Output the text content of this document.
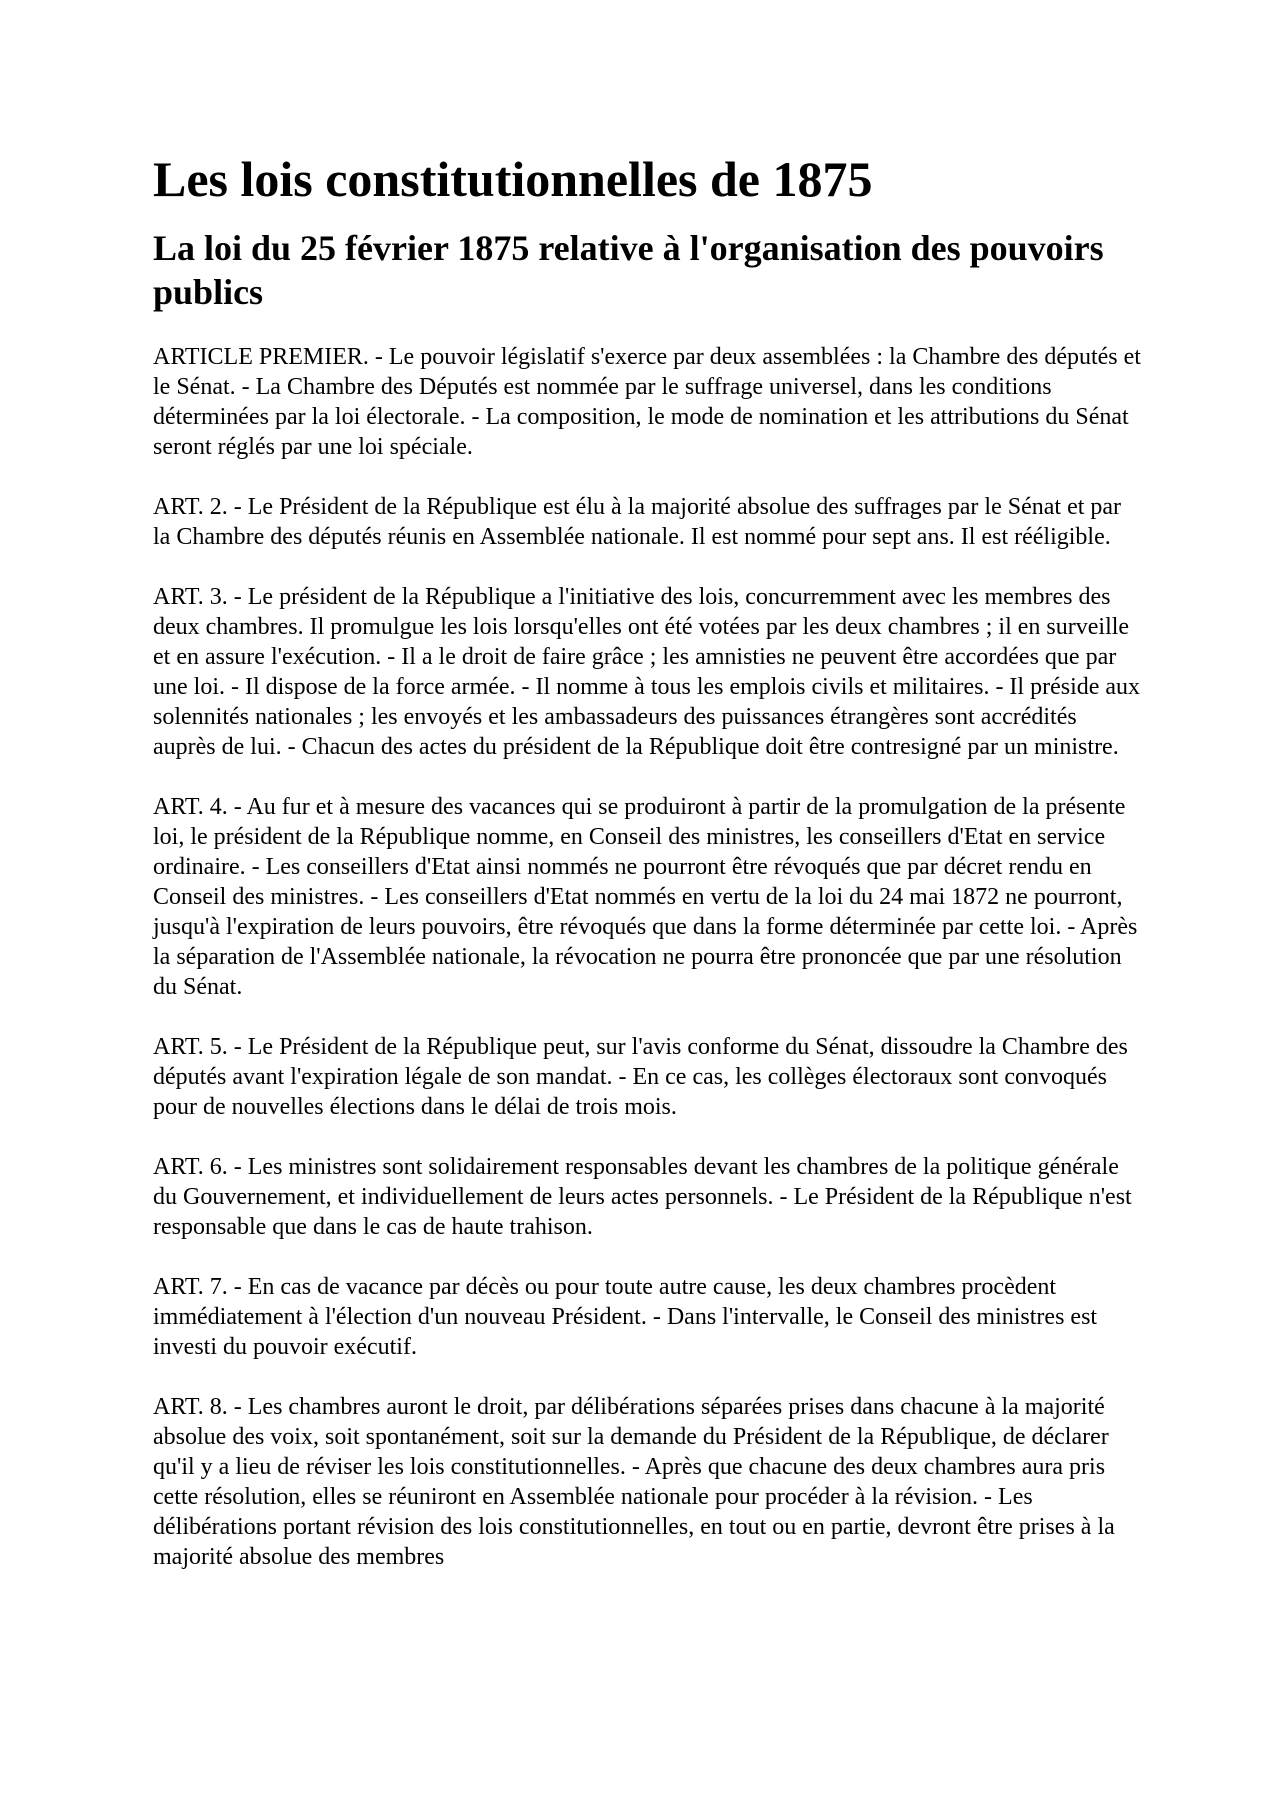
Les lois constitutionnelles de 1875
La loi du 25 février 1875 relative à l'organisation des pouvoirs publics

ARTICLE PREMIER. - Le pouvoir législatif s'exerce par deux assemblées : la Chambre des députés et le Sénat. - La Chambre des Députés est nommée par le suffrage universel, dans les conditions déterminées par la loi électorale. - La composition, le mode de nomination et les attributions du Sénat seront réglés par une loi spéciale.

ART. 2. - Le Président de la République est élu à la majorité absolue des suffrages par le Sénat et par la Chambre des députés réunis en Assemblée nationale. Il est nommé pour sept ans. Il est rééligible.

ART. 3. - Le président de la République a l'initiative des lois, concurremment avec les membres des deux chambres. Il promulgue les lois lorsqu'elles ont été votées par les deux chambres ; il en surveille et en assure l'exécution. - Il a le droit de faire grâce ; les amnisties ne peuvent être accordées que par une loi. - Il dispose de la force armée. - Il nomme à tous les emplois civils et militaires. - Il préside aux solennités nationales ; les envoyés et les ambassadeurs des puissances étrangères sont accrédités auprès de lui. - Chacun des actes du président de la République doit être contresigné par un ministre.

ART. 4. - Au fur et à mesure des vacances qui se produiront à partir de la promulgation de la présente loi, le président de la République nomme, en Conseil des ministres, les conseillers d'Etat en service ordinaire. - Les conseillers d'Etat ainsi nommés ne pourront être révoqués que par décret rendu en Conseil des ministres. - Les conseillers d'Etat nommés en vertu de la loi du 24 mai 1872 ne pourront, jusqu'à l'expiration de leurs pouvoirs, être révoqués que dans la forme déterminée par cette loi. - Après la séparation de l'Assemblée nationale, la révocation ne pourra être prononcée que par une résolution du Sénat.

ART. 5. - Le Président de la République peut, sur l'avis conforme du Sénat, dissoudre la Chambre des députés avant l'expiration légale de son mandat. - En ce cas, les collèges électoraux sont convoqués pour de nouvelles élections dans le délai de trois mois.

ART. 6. - Les ministres sont solidairement responsables devant les chambres de la politique générale du Gouvernement, et individuellement de leurs actes personnels. - Le Président de la République n'est responsable que dans le cas de haute trahison.

ART. 7. - En cas de vacance par décès ou pour toute autre cause, les deux chambres procèdent immédiatement à l'élection d'un nouveau Président. - Dans l'intervalle, le Conseil des ministres est investi du pouvoir exécutif.

ART. 8. - Les chambres auront le droit, par délibérations séparées prises dans chacune à la majorité absolue des voix, soit spontanément, soit sur la demande du Président de la République, de déclarer qu'il y a lieu de réviser les lois constitutionnelles. - Après que chacune des deux chambres aura pris cette résolution, elles se réuniront en Assemblée nationale pour procéder à la révision. - Les délibérations portant révision des lois constitutionnelles, en tout ou en partie, devront être prises à la majorité absolue des membres
